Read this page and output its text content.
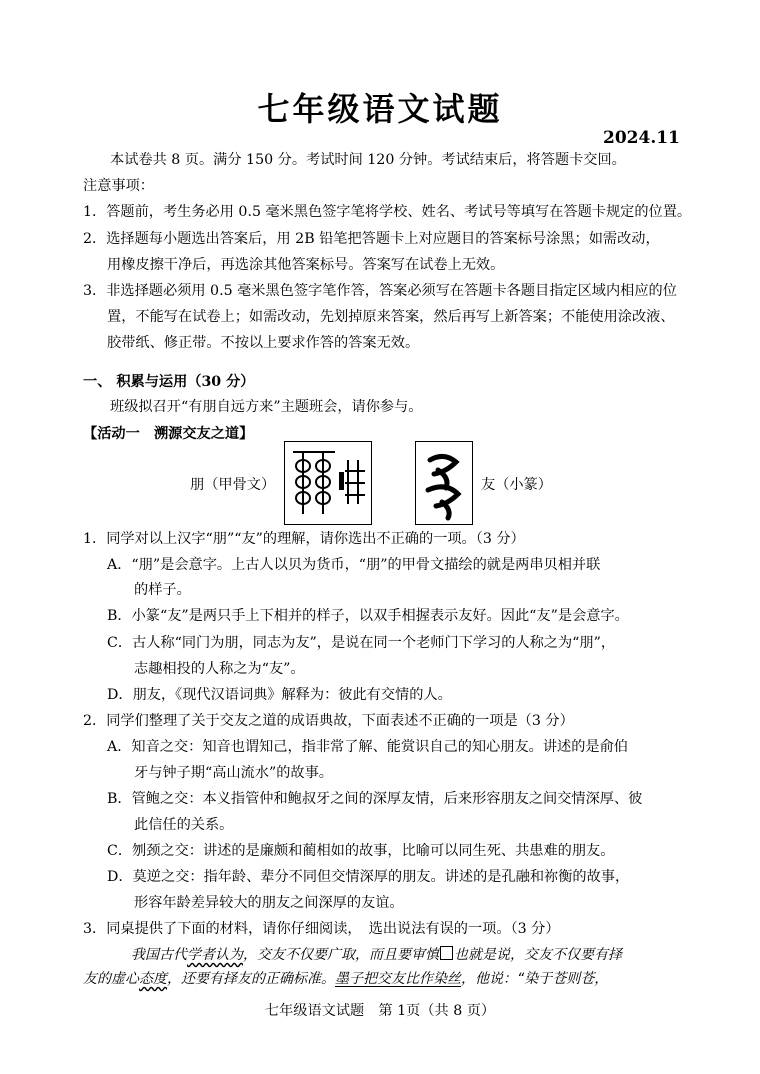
七年级语文试题
2024.11
本试卷共 8 页。满分 150 分。考试时间 120 分钟。考试结束后，将答题卡交回。
注意事项：
1．答题前，考生务必用 0.5 毫米黑色签字笔将学校、姓名、考试号等填写在答题卡规定的位置。
2．选择题每小题选出答案后，用 2B 铅笔把答题卡上对应题目的答案标号涂黑；如需改动，
用橡皮擦干净后，再选涂其他答案标号。答案写在试卷上无效。
3．非选择题必须用 0.5 毫米黑色签字笔作答，答案必须写在答题卡各题目指定区域内相应的位
置，不能写在试卷上；如需改动，先划掉原来答案，然后再写上新答案；不能使用涂改液、
胶带纸、修正带。不按以上要求作答的答案无效。
一、 积累与运用（30 分）
班级拟召开“有朋自远方来”主题班会，请你参与。
【活动一　溯源交友之道】
朋（甲骨文）	友（小篆）
1．同学对以上汉字“朋”“友”的理解，请你选出不正确的一项。（3 分）
A．“朋”是会意字。上古人以贝为货币，“朋”的甲骨文描绘的就是两串贝相并联
的样子。
B．小篆“友”是两只手上下相并的样子，以双手相握表示友好。因此“友”是会意字。
C．古人称“同门为朋，同志为友”，是说在同一个老师门下学习的人称之为“朋”，
志趣相投的人称之为“友”。
D．朋友，《现代汉语词典》解释为：彼此有交情的人。
2．同学们整理了关于交友之道的成语典故，下面表述不正确的一项是（3 分）
A．知音之交：知音也谓知己，指非常了解、能赏识自己的知心朋友。讲述的是俞伯
牙与钟子期“高山流水”的故事。
B．管鲍之交：本义指管仲和鲍叔牙之间的深厚友情，后来形容朋友之间交情深厚、彼
此信任的关系。
C．刎颈之交：讲述的是廉颇和蔺相如的故事，比喻可以同生死、共患难的朋友。
D．莫逆之交：指年龄、辈分不同但交情深厚的朋友。讲述的是孔融和祢衡的故事，
形容年龄差异较大的朋友之间深厚的友谊。
3．同桌提供了下面的材料，请你仔细阅读，　选出说法有误的一项。（3 分）
我国古代学者认为，交友不仅要广取，而且要审慎 也就是说，交友不仅要有择
友的虚心态度，还要有择友的正确标准。墨子把交友比作染丝，他说：“染于苍则苍，
七年级语文试题　第 1页（共 8 页）
